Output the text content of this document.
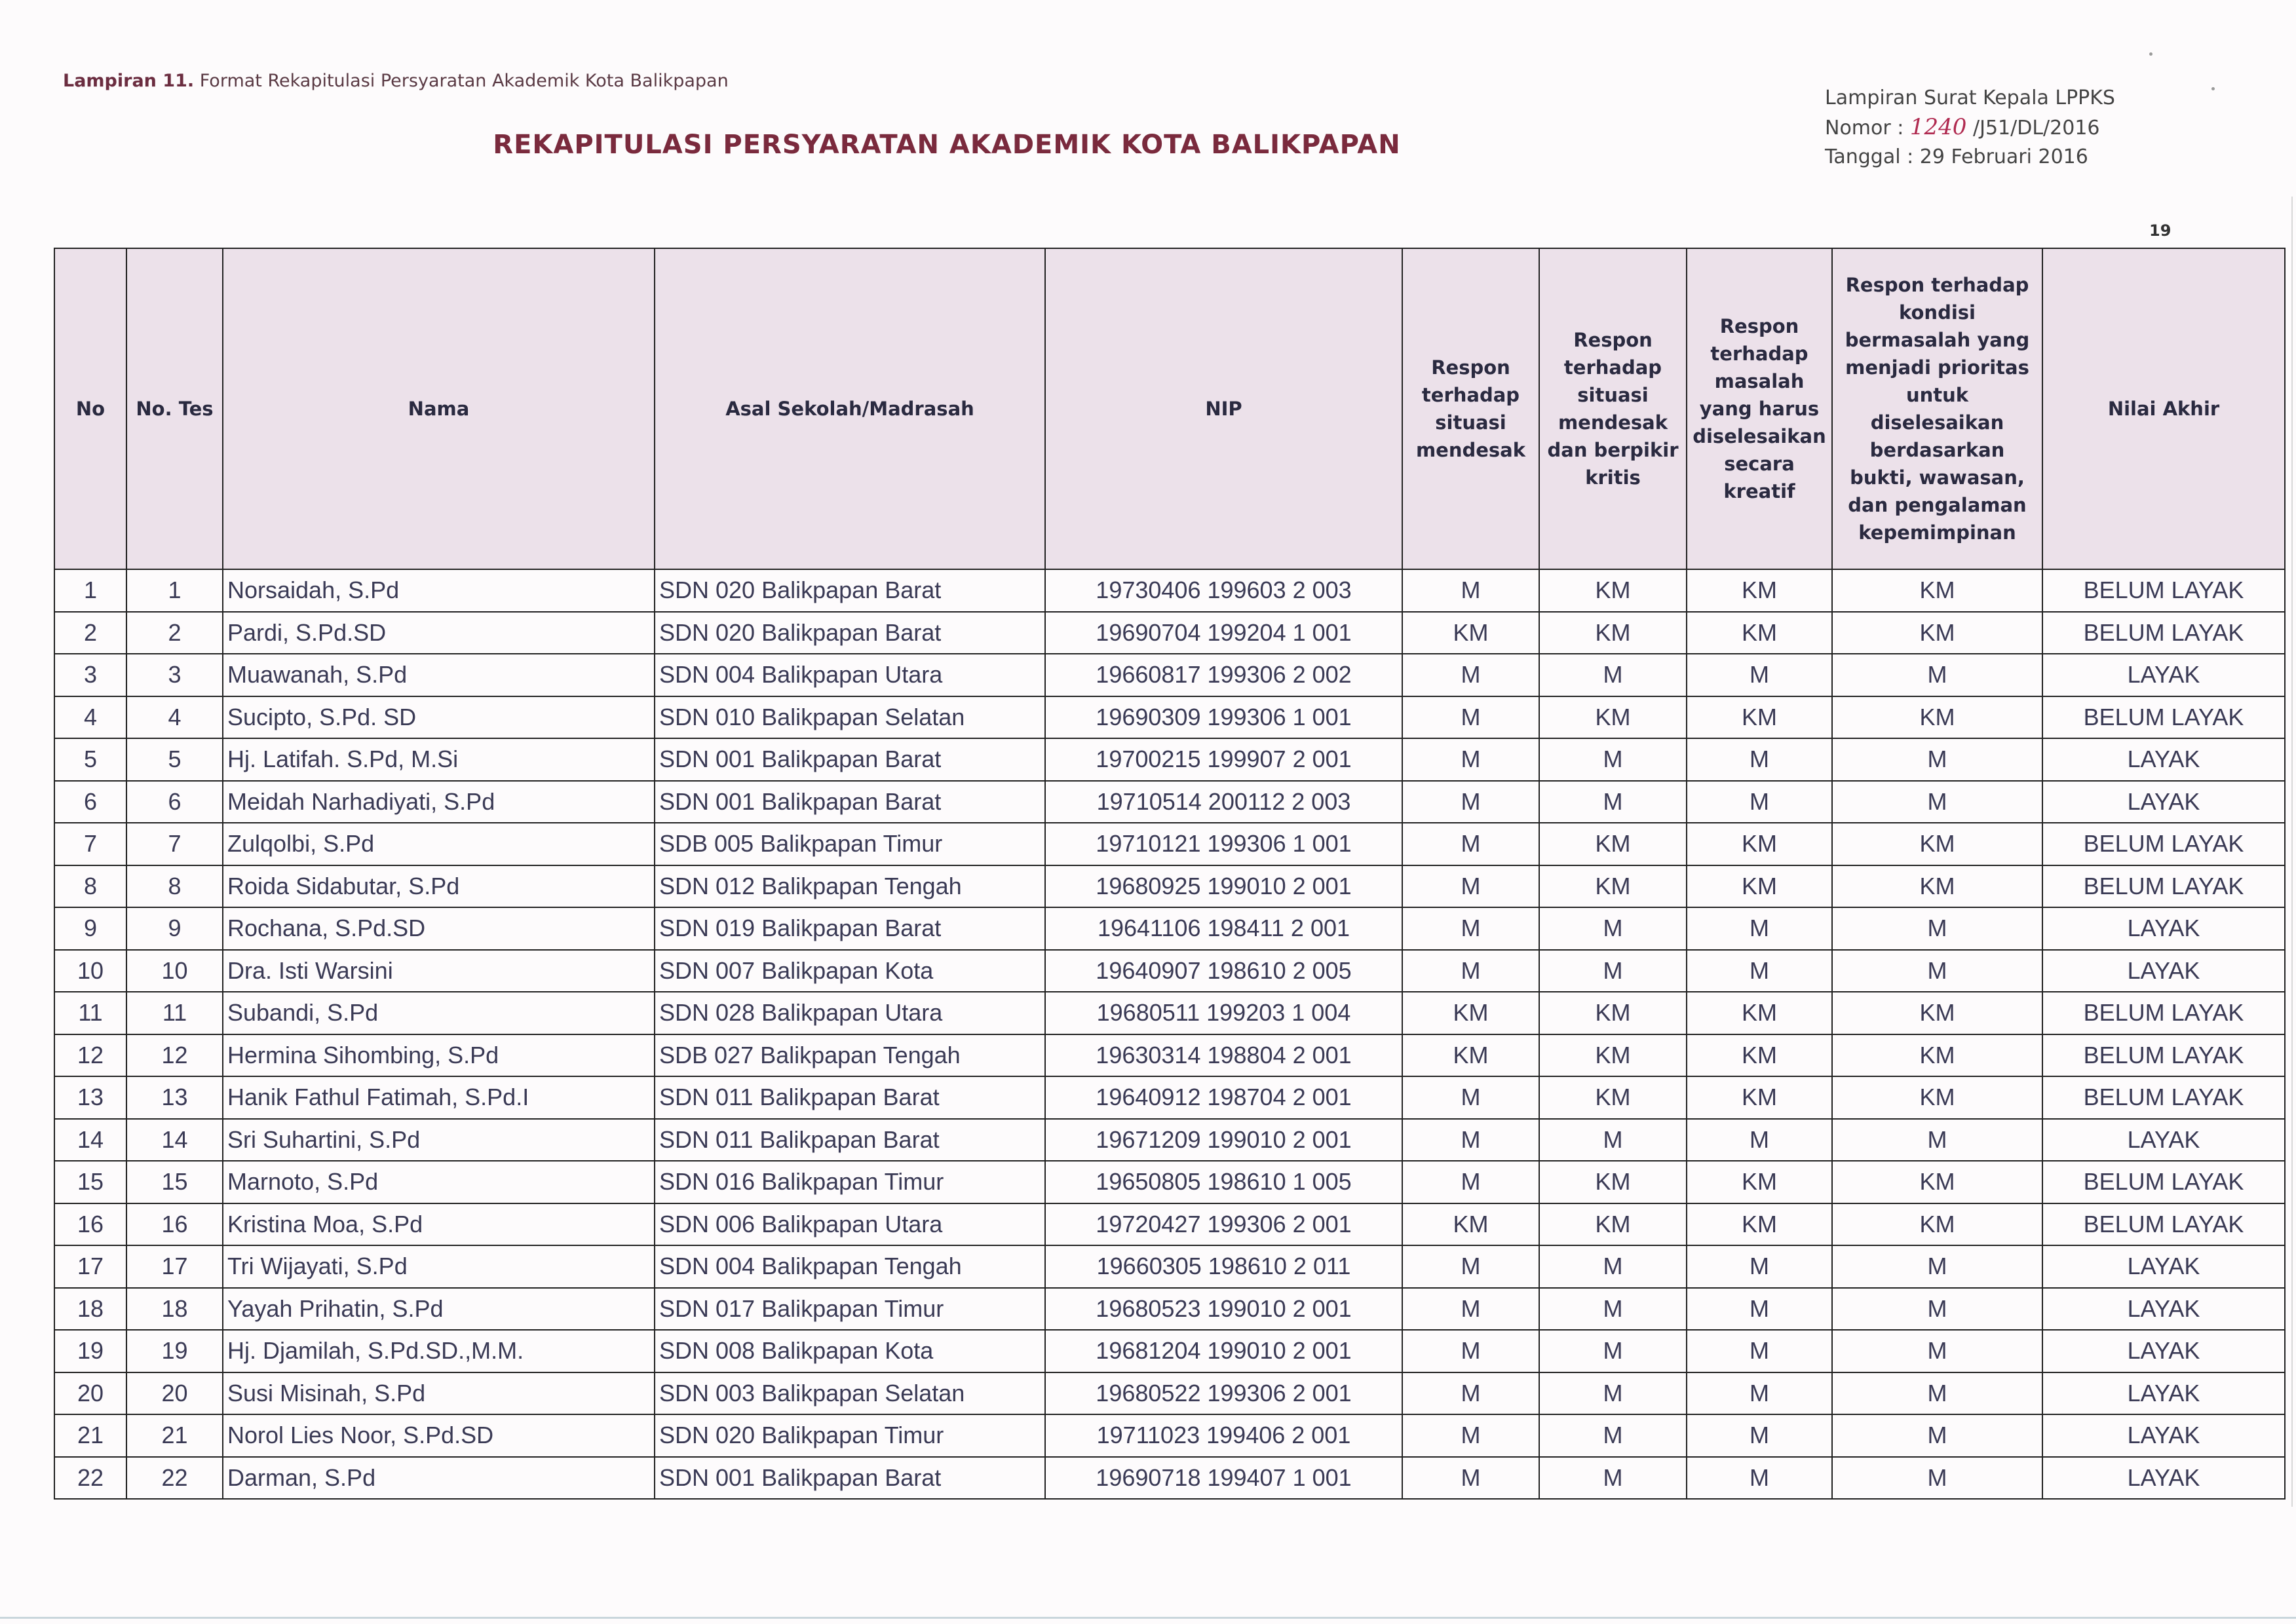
Lampiran 11. Format Rekapitulasi Persyaratan Akademik Kota Balikpapan
REKAPITULASI PERSYARATAN AKADEMIK KOTA BALIKPAPAN
Lampiran Surat Kepala LPPKS
Nomor : 1240 /J51/DL/2016
Tanggal : 29 Februari 2016
19
No	No. Tes	Nama	Asal Sekolah/Madrasah	NIP	Respon terhadap situasi mendesak	Respon terhadap situasi mendesak dan berpikir kritis	Respon terhadap masalah yang harus diselesaikan secara kreatif	Respon terhadap kondisi bermasalah yang menjadi prioritas untuk diselesaikan berdasarkan bukti, wawasan, dan pengalaman kepemimpinan	Nilai Akhir
1	1	Norsaidah, S.Pd	SDN 020 Balikpapan Barat	19730406 199603 2 003	M	KM	KM	KM	BELUM LAYAK
2	2	Pardi, S.Pd.SD	SDN 020 Balikpapan Barat	19690704 199204 1 001	KM	KM	KM	KM	BELUM LAYAK
3	3	Muawanah, S.Pd	SDN 004 Balikpapan Utara	19660817 199306 2 002	M	M	M	M	LAYAK
4	4	Sucipto, S.Pd. SD	SDN 010 Balikpapan Selatan	19690309 199306 1 001	M	KM	KM	KM	BELUM LAYAK
5	5	Hj. Latifah. S.Pd, M.Si	SDN 001 Balikpapan Barat	19700215 199907 2 001	M	M	M	M	LAYAK
6	6	Meidah Narhadiyati, S.Pd	SDN 001 Balikpapan Barat	19710514 200112 2 003	M	M	M	M	LAYAK
7	7	Zulqolbi, S.Pd	SDB 005 Balikpapan Timur	19710121 199306 1 001	M	KM	KM	KM	BELUM LAYAK
8	8	Roida Sidabutar, S.Pd	SDN 012 Balikpapan Tengah	19680925 199010 2 001	M	KM	KM	KM	BELUM LAYAK
9	9	Rochana, S.Pd.SD	SDN 019 Balikpapan Barat	19641106 198411 2 001	M	M	M	M	LAYAK
10	10	Dra. Isti Warsini	SDN 007 Balikpapan Kota	19640907 198610 2 005	M	M	M	M	LAYAK
11	11	Subandi, S.Pd	SDN 028 Balikpapan Utara	19680511 199203 1 004	KM	KM	KM	KM	BELUM LAYAK
12	12	Hermina Sihombing, S.Pd	SDB 027 Balikpapan Tengah	19630314 198804 2 001	KM	KM	KM	KM	BELUM LAYAK
13	13	Hanik Fathul Fatimah, S.Pd.I	SDN 011 Balikpapan Barat	19640912 198704 2 001	M	KM	KM	KM	BELUM LAYAK
14	14	Sri Suhartini, S.Pd	SDN 011 Balikpapan Barat	19671209 199010 2 001	M	M	M	M	LAYAK
15	15	Marnoto, S.Pd	SDN 016 Balikpapan Timur	19650805 198610 1 005	M	KM	KM	KM	BELUM LAYAK
16	16	Kristina Moa, S.Pd	SDN 006 Balikpapan Utara	19720427 199306 2 001	KM	KM	KM	KM	BELUM LAYAK
17	17	Tri Wijayati, S.Pd	SDN 004 Balikpapan Tengah	19660305 198610 2 011	M	M	M	M	LAYAK
18	18	Yayah Prihatin, S.Pd	SDN 017 Balikpapan Timur	19680523 199010 2 001	M	M	M	M	LAYAK
19	19	Hj. Djamilah, S.Pd.SD.,M.M.	SDN 008 Balikpapan Kota	19681204 199010 2 001	M	M	M	M	LAYAK
20	20	Susi Misinah, S.Pd	SDN 003 Balikpapan Selatan	19680522 199306 2 001	M	M	M	M	LAYAK
21	21	Norol Lies Noor, S.Pd.SD	SDN 020 Balikpapan Timur	19711023 199406 2 001	M	M	M	M	LAYAK
22	22	Darman, S.Pd	SDN 001 Balikpapan Barat	19690718 199407 1 001	M	M	M	M	LAYAK
